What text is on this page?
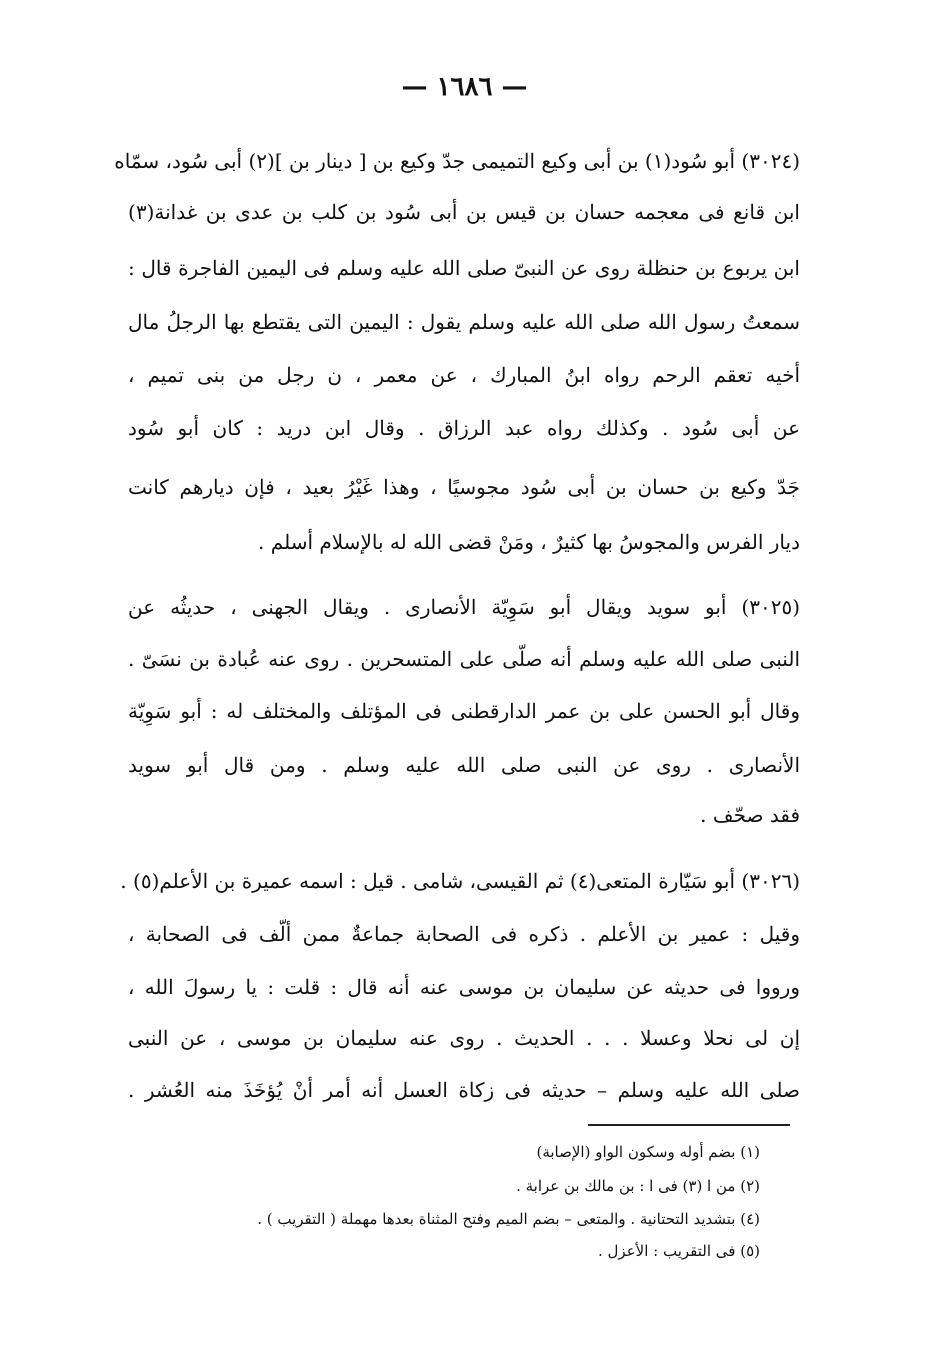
— ١٦٨٦ —
(٣٠٢٤) أبو سُود(١) بن أبى وكيع التميمى جدّ وكيع بن [ دينار بن ](٢) أبى سُود، سمّاه
ابن قانع فى معجمه حسان بن قيس بن أبى سُود بن كلب بن عدى بن غدانة(٣)
ابن يربوع بن حنظلة روى عن النبىّ صلى الله عليه وسلم فى اليمين الفاجرة قال :
سمعتُ رسول الله صلى الله عليه وسلم يقول : اليمين التى يقتطع بها الرجلُ مال
أخيه تعقم الرحم رواه ابنُ المبارك ، عن معمر ، ن رجل من بنى تميم ،
عن أبى سُود . وكذلك رواه عبد الرزاق . وقال ابن دريد : كان أبو سُود
جَدّ وكيع بن حسان بن أبى سُود مجوسيًا ، وهذا غَيْرُ بعيد ، فإن ديارهم كانت
ديار الفرس والمجوسُ بها كثيرٌ ، ومَنْ قضى الله له بالإسلام أسلم .
(٣٠٢٥) أبو سويد ويقال أبو سَوِيّة الأنصارى . ويقال الجهنى ، حديثُه عن
النبى صلى الله عليه وسلم أنه صلّى على المتسحرين . روى عنه عُبادة بن نسَىّ .
وقال أبو الحسن على بن عمر الدارقطنى فى المؤتلف والمختلف له : أبو سَوِيّة
الأنصارى . روى عن النبى صلى الله عليه وسلم . ومن قال أبو سويد
فقد صحّف .
(٣٠٢٦) أبو سَيّارة المتعى(٤) ثم القيسى، شامى . قيل : اسمه عميرة بن الأعلم(٥) .
وقيل : عمير بن الأعلم . ذكره فى الصحابة جماعةٌ ممن ألّف فى الصحابة ،
ورووا فى حديثه عن سليمان بن موسى عنه أنه قال : قلت : يا رسولَ الله ،
إن لى نحلا وعسلا . . . الحديث . روى عنه سليمان بن موسى ، عن النبى
صلى الله عليه وسلم – حديثه فى زكاة العسل أنه أمر أنْ يُؤخَذَ منه العُشر .
(١) بضم أوله وسكون الواو (الإصابة)
(٢) من ا (٣) فى ا : بن مالك بن عرابة .
(٤) بتشديد التحتانية . والمتعى – بضم الميم وفتح المثناة بعدها مهملة ( التقريب ) .
(٥) فى التقريب : الأعزل .
